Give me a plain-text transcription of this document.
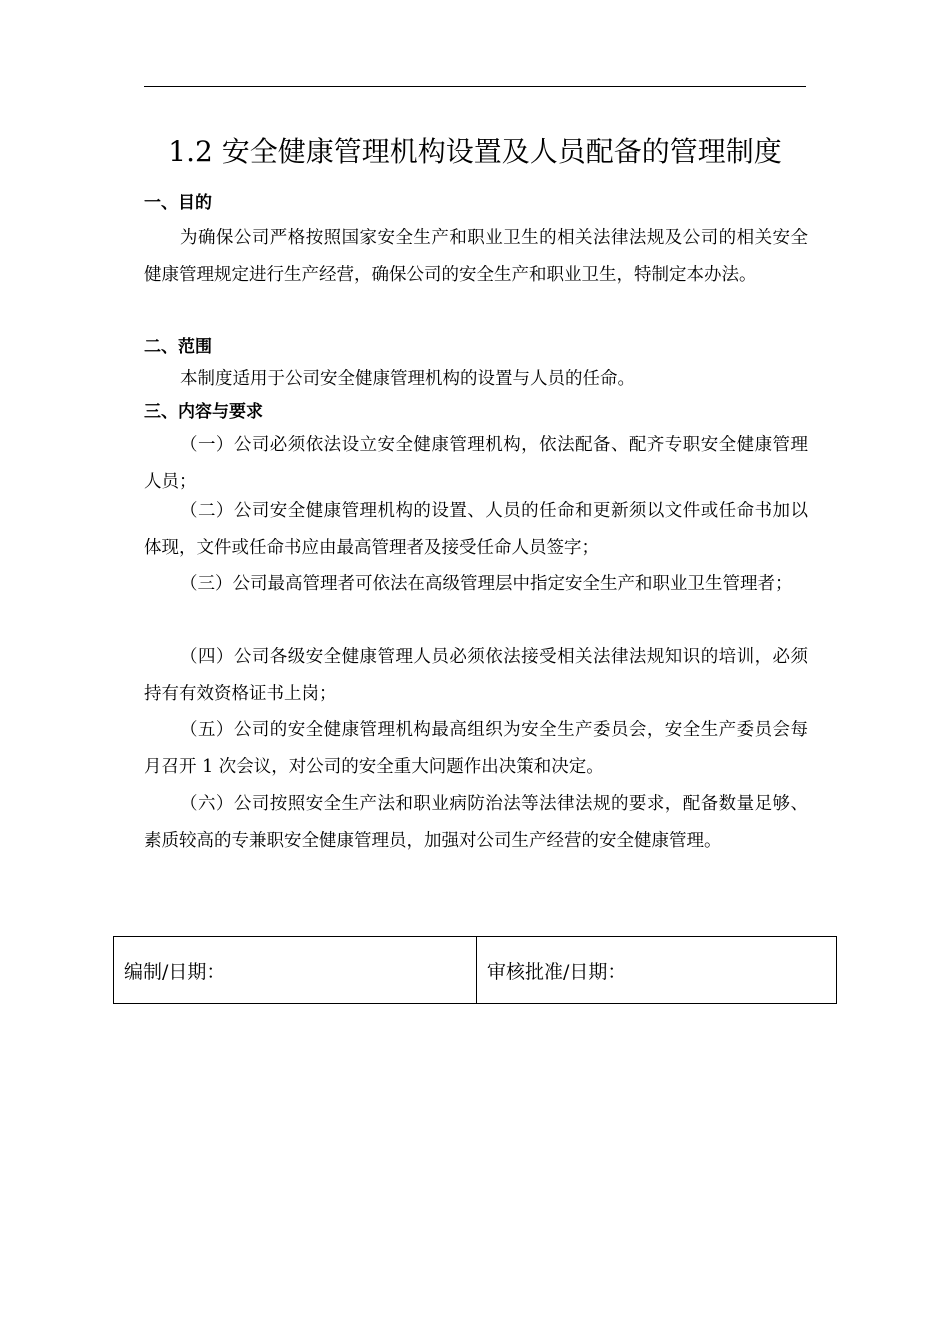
1.2 安全健康管理机构设置及人员配备的管理制度
一、目的

为确保公司严格按照国家安全生产和职业卫生的相关法律法规及公司的相关安全健康管理规定进行生产经营，确保公司的安全生产和职业卫生，特制定本办法。

二、范围

本制度适用于公司安全健康管理机构的设置与人员的任命。

三、内容与要求

（一）公司必须依法设立安全健康管理机构，依法配备、配齐专职安全健康管理人员；

（二）公司安全健康管理机构的设置、人员的任命和更新须以文件或任命书加以体现，文件或任命书应由最高管理者及接受任命人员签字；

（三）公司最高管理者可依法在高级管理层中指定安全生产和职业卫生管理者；

（四）公司各级安全健康管理人员必须依法接受相关法律法规知识的培训，必须持有有效资格证书上岗；

（五）公司的安全健康管理机构最高组织为安全生产委员会，安全生产委员会每月召开 1 次会议，对公司的安全重大问题作出决策和决定。

（六）公司按照安全生产法和职业病防治法等法律法规的要求，配备数量足够、素质较高的专兼职安全健康管理员，加强对公司生产经营的安全健康管理。

编制/日期：	审核批准/日期：
